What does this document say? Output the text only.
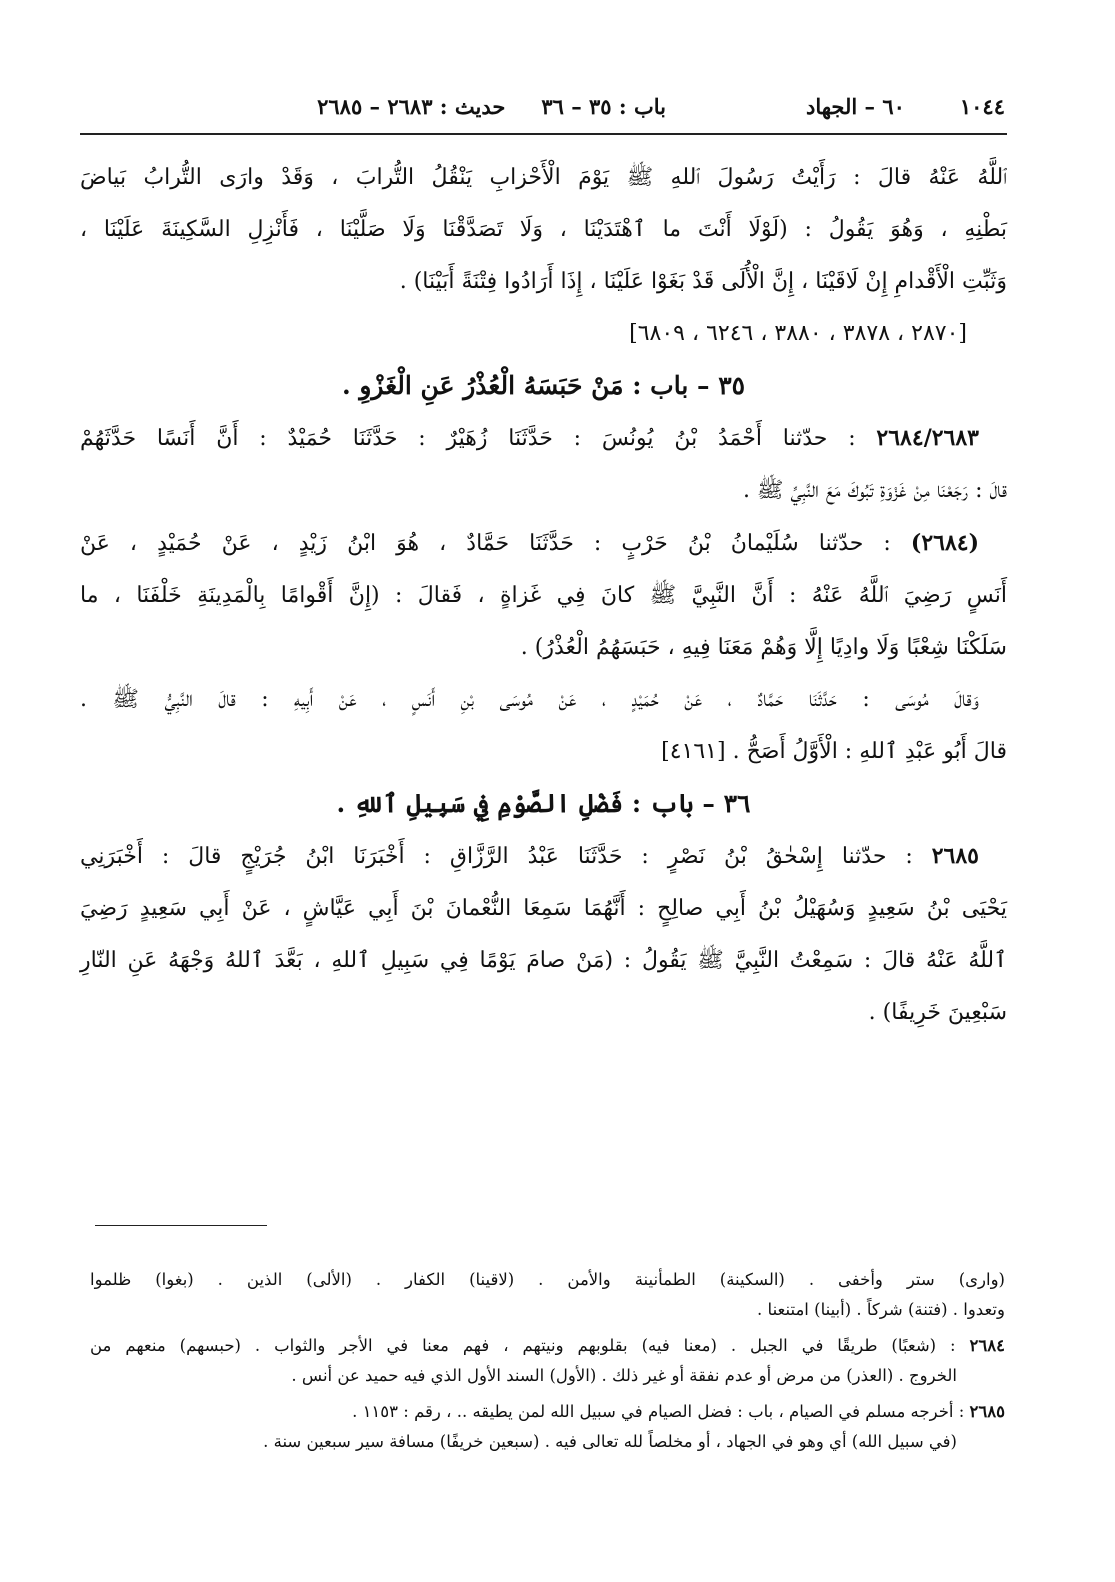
١٠٤٤
٦٠ – الجهاد
باب : ٣٥ – ٣٦
حديث : ٢٦٨٣ – ٢٦٨٥

ٱللَّهُ عَنْهُ قالَ : رَأَيْتُ رَسُولَ ٱللهِ ﷺ يَوْمَ الْأَحْزابِ يَنْقُلُ التُّرابَ ، وَقَدْ وارَى التُّرابُ بَياضَ

بَطْنِهِ ، وَهُوَ يَقُولُ : (لَوْلَا أَنْتَ ما ٱهْتَدَيْنَا ، وَلَا تَصَدَّقْنَا وَلَا صَلَّيْنَا ، فَأَنْزِلِ السَّكِينَةَ عَلَيْنَا ،

وَثَبِّتِ الْأَقْدامِ إِنْ لَاقَيْنَا ، إِنَّ الْأُلَى قَدْ بَغَوْا عَلَيْنَا ، إِذَا أَرَادُوا فِتْنَةً أَبَيْنَا) .

[٢٨٧٠ ، ٣٨٧٨ ، ٣٨٨٠ ، ٦٢٤٦ ، ٦٨٠٩]

٣٥ – باب : مَنْ حَبَسَهُ الْعُذْرُ عَنِ الْغَزْوِ .

٢٦٨٤/٢٦٨٣ : حدّثنا أَحْمَدُ بْنُ يُونُسَ : حَدَّثَنَا زُهَيْرٌ : حَدَّثَنَا حُمَيْدٌ : أَنَّ أَنَسًا حَدَّثَهُمْ

قالَ : رَجَعْنَا مِنْ غَزْوَةِ تَبُوكَ مَعَ النَّبِيِّ ﷺ .

(٢٦٨٤) : حدّثنا سُلَيْمانُ بْنُ حَرْبٍ : حَدَّثَنَا حَمَّادٌ ، هُوَ ابْنُ زَيْدٍ ، عَنْ حُمَيْدٍ ، عَنْ

أَنَسٍ رَضِيَ ٱللَّهُ عَنْهُ : أَنَّ النَّبِيَّ ﷺ كانَ فِي غَزاةٍ ، فَقالَ : (إِنَّ أَقْوامًا بِالْمَدِينَةِ خَلْفَنَا ، ما

سَلَكْنَا شِعْبًا وَلَا وادِيًا إِلَّا وَهُمْ مَعَنَا فِيهِ ، حَبَسَهُمُ الْعُذْرُ) .

وَقالَ مُوسَى : حَدَّثَنَا حَمَّادٌ ، عَنْ حُمَيْدٍ ، عَنْ مُوسَى بْنِ أَنَسٍ ، عَنْ أَبِيهِ : قالَ النَّبِيُّ ﷺ .

قالَ أَبُو عَبْدِ ٱللهِ : الْأَوَّلُ أَصَحُّ . [٤١٦١]

٣٦ – باب : فَضْلِ الصَّوْمِ فِي سَبِيلِ ٱللهِ .

٢٦٨٥ : حدّثنا إِسْحٰقُ بْنُ نَصْرٍ : حَدَّثَنَا عَبْدُ الرَّزَّاقِ : أَخْبَرَنَا ابْنُ جُرَيْجٍ قالَ : أَخْبَرَنِي

يَحْيَى بْنُ سَعِيدٍ وَسُهَيْلُ بْنُ أَبِي صالِحٍ : أَنَّهُمَا سَمِعَا النُّعْمانَ بْنَ أَبِي عَيَّاشٍ ، عَنْ أَبِي سَعِيدٍ رَضِيَ

ٱللَّهُ عَنْهُ قالَ : سَمِعْتُ النَّبِيَّ ﷺ يَقُولُ : (مَنْ صامَ يَوْمًا فِي سَبِيلِ ٱللهِ ، بَعَّدَ ٱللهُ وَجْهَهُ عَنِ النّارِ

سَبْعِينَ خَرِيفًا) .

(وارى) ستر وأخفى . (السكينة) الطمأنينة والأمن . (لاقينا) الكفار . (الألى) الذين . (بغوا) ظلموا
وتعدوا . (فتنة) شركاً . (أبينا) امتنعنا .
٢٦٨٤ : (شعبًا) طريقًا في الجبل . (معنا فيه) بقلوبهم ونيتهم ، فهم معنا في الأجر والثواب . (حبسهم) منعهم من
الخروج . (العذر) من مرض أو عدم نفقة أو غير ذلك . (الأول) السند الأول الذي فيه حميد عن أنس .
٢٦٨٥ : أخرجه مسلم في الصيام ، باب : فضل الصيام في سبيل الله لمن يطيقه .. ، رقم : ١١٥٣ .
(في سبيل الله) أي وهو في الجهاد ، أو مخلصاً لله تعالى فيه . (سبعين خريفًا) مسافة سير سبعين سنة .
